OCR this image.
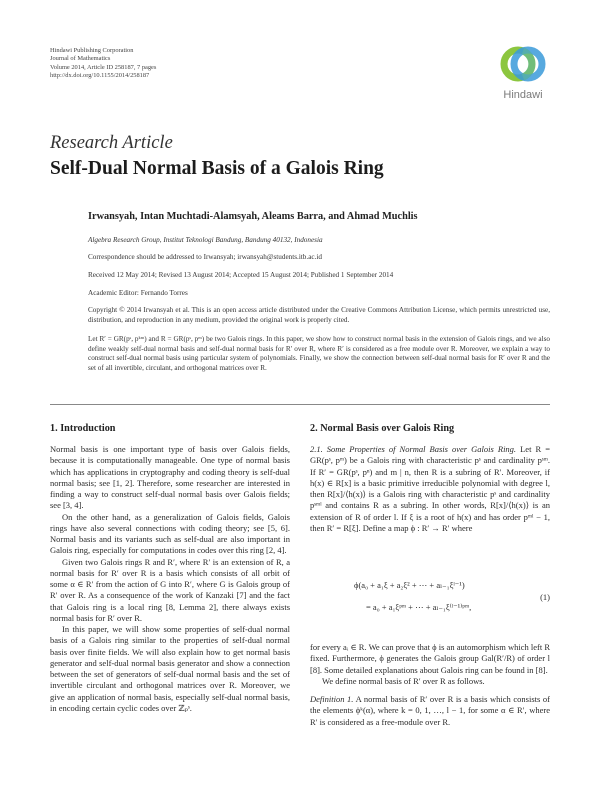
Hindawi Publishing Corporation
Journal of Mathematics
Volume 2014, Article ID 258187, 7 pages
http://dx.doi.org/10.1155/2014/258187
Hindawi
Research Article
Self-Dual Normal Basis of a Galois Ring
Irwansyah, Intan Muchtadi-Alamsyah, Aleams Barra, and Ahmad Muchlis
Algebra Research Group, Institut Teknologi Bandung, Bandung 40132, Indonesia
Correspondence should be addressed to Irwansyah; irwansyah@students.itb.ac.id
Received 12 May 2014; Revised 13 August 2014; Accepted 15 August 2014; Published 1 September 2014
Academic Editor: Fernando Torres
Copyright © 2014 Irwansyah et al. This is an open access article distributed under the Creative Commons Attribution License, which permits unrestricted use, distribution, and reproduction in any medium, provided the original work is properly cited.
Let R′ = GR(pˢ, pᵏᵐ) and R = GR(pˢ, pᵐ) be two Galois rings. In this paper, we show how to construct normal basis in the extension of Galois rings, and we also define weakly self-dual normal basis and self-dual normal basis for R′ over R, where R′ is considered as a free module over R. Moreover, we explain a way to construct self-dual normal basis using particular system of polynomials. Finally, we show the connection between self-dual normal basis for R′ over R and the set of all invertible, circulant, and orthogonal matrices over R.
1. Introduction

Normal basis is one important type of basis over Galois fields, because it is computationally manageable. One type of normal basis which has applications in cryptography and coding theory is self-dual normal basis; see [1, 2]. Therefore, some researcher are interested in finding a way to construct self-dual normal basis over Galois fields; see [3, 4].

On the other hand, as a generalization of Galois fields, Galois rings have also several connections with coding theory; see [5, 6]. Normal basis and its variants such as self-dual are also important in Galois ring, especially for computations in codes over this ring [2, 4].

Given two Galois rings R and R′, where R′ is an extension of R, a normal basis for R′ over R is a basis which consists of all orbit of some α ∈ R′ from the action of G into R′, where G is Galois group of R′ over R. As a consequence of the work of Kanzaki [7] and the fact that Galois ring is a local ring [8, Lemma 2], there always exists normal basis for R′ over R.

In this paper, we will show some properties of self-dual normal basis of a Galois ring similar to the properties of self-dual normal basis over finite fields. We will also explain how to get normal basis generator and self-dual normal basis generator and show a connection between the set of generators of self-dual normal basis and the set of invertible circulant and orthogonal matrices over R. Moreover, we give an application of normal basis, especially self-dual normal basis, in encoding certain cyclic codes over ℤₚˢ.

2. Normal Basis over Galois Ring

2.1. Some Properties of Normal Basis over Galois Ring. Let R = GR(pˢ, pᵐ) be a Galois ring with characteristic pˢ and cardinality pˢᵐ. If R′ = GR(pˢ, pⁿ) and m | n, then R is a subring of R′. Moreover, if h(x) ∈ R[x] is a basic primitive irreducible polynomial with degree l, then R[x]/⟨h(x)⟩ is a Galois ring with characteristic pˢ and cardinality pˢᵐˡ and contains R as a subring. In other words, R[x]/⟨h(x)⟩ is an extension of R of order l. If ξ is a root of h(x) and has order pᵐˡ − 1, then R′ = R[ξ]. Define a map ϕ : R′ → R′ where

ϕ(a₀ + a₁ξ + a₂ξ² + ⋯ + aₗ₋₁ξˡ⁻¹)
= a₀ + a₁ξᵖᵐ + ⋯ + aₗ₋₁ξ⁽ˡ⁻¹⁾ᵖᵐ,
(1)

for every aᵢ ∈ R. We can prove that ϕ is an automorphism which left R fixed. Furthermore, ϕ generates the Galois group Gal(R′/R) of order l [8]. Some detailed explanations about Galois ring can be found in [8].

We define normal basis of R′ over R as follows.

Definition 1. A normal basis of R′ over R is a basis which consists of the elements ϕᵏ(α), where k = 0, 1, …, l − 1, for some α ∈ R′, where R′ is considered as a free-module over R.
